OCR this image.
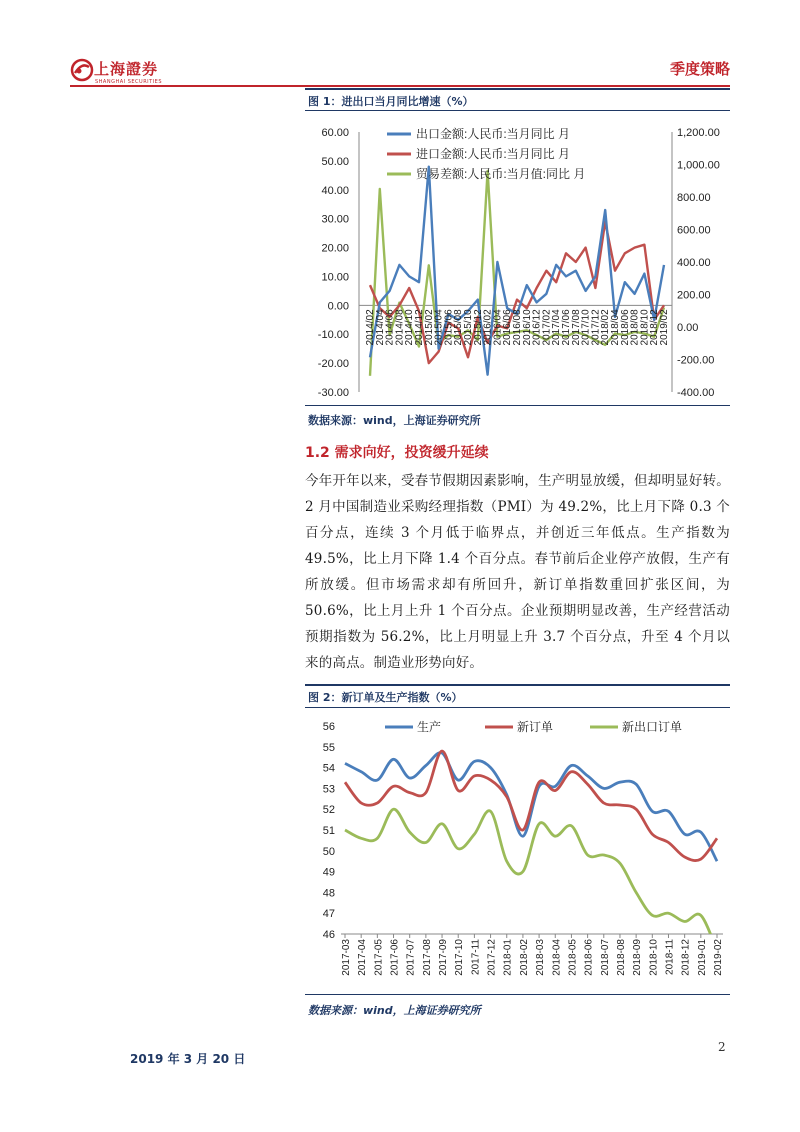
上海證券
SHANGHAI SECURITIES
季度策略
图 1：进出口当月同比增速（%）
60.00
50.00
40.00
30.00
20.00
10.00
0.00
-10.00
-20.00
-30.00
1,200.00
1,000.00
800.00
600.00
400.00
200.00
0.00
-200.00
-400.00
2014/02
2014/04
2014/06
2014/08
2014/10
2014/12
2015/02
2015/04
2015/06
2015/08
2015/10
2015/12
2016/02
2016/04
2016/06
2016/08
2016/10
2016/12
2017/02
2017/04
2017/06
2017/08
2017/10
2017/12
2018/02
2018/04
2018/06
2018/08
2018/10
2018/12
2019/02
出口金额:人民币:当月同比 月
进口金额:人民币:当月同比 月
贸易差额:人民币:当月值:同比 月
数据来源：wind，上海证券研究所
1.2 需求向好，投资缓升延续
今年开年以来，受春节假期因素影响，生产明显放缓，但却明显好转。2 月中国制造业采购经理指数（PMI）为 49.2%，比上月下降 0.3 个百分点，连续 3 个月低于临界点，并创近三年低点。生产指数为 49.5%，比上月下降 1.4 个百分点。春节前后企业停产放假，生产有所放缓。但市场需求却有所回升，新订单指数重回扩张区间，为 50.6%，比上月上升 1 个百分点。企业预期明显改善，生产经营活动预期指数为 56.2%，比上月明显上升 3.7 个百分点，升至 4 个月以来的高点。制造业形势向好。
图 2：新订单及生产指数（%）
56
55
54
53
52
51
50
49
48
47
46
2017-03 2017-04 2017-05 2017-06 2017-07 2017-08 2017-09 2017-10 2017-11 2017-12 2018-01 2018-02 2018-03 2018-04 2018-05 2018-06 2018-07 2018-08 2018-09 2018-10 2018-11 2018-12 2019-01 2019-02
生产	新订单	新出口订单
数据来源：wind，上海证券研究所
2
2019 年 3 月 20 日
